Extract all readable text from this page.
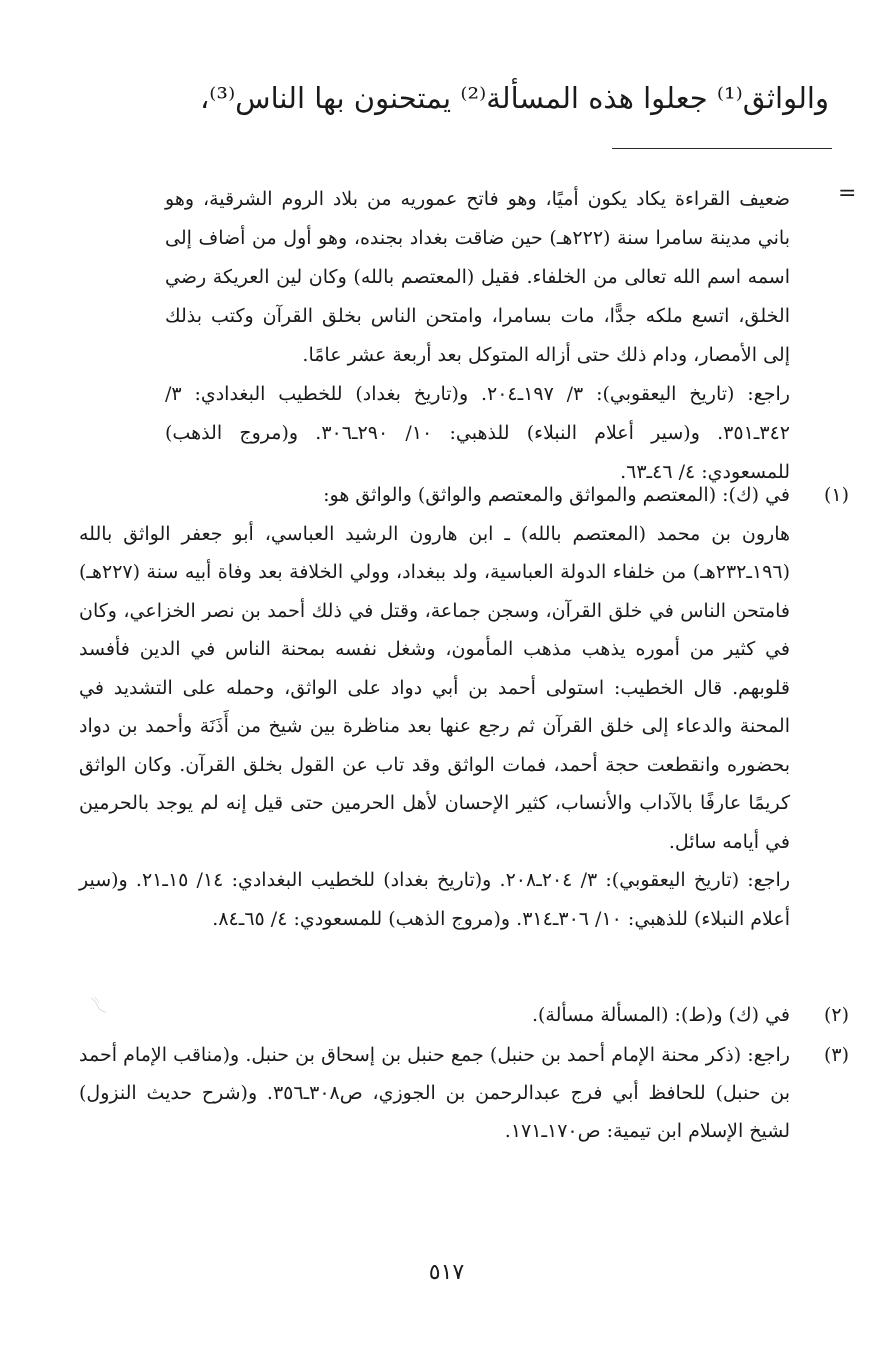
والواثق⁽¹⁾ جعلوا هذه المسألة⁽²⁾ يمتحنون بها الناس⁽³⁾،
=

ضعيف القراءة يكاد يكون أميًا، وهو فاتح عموريه من بلاد الروم الشرقية، وهو باني مدينة سامرا سنة (٢٢٢هـ) حين ضاقت بغداد بجنده، وهو أول من أضاف إلى اسمه اسم الله تعالى من الخلفاء. فقيل (المعتصم بالله) وكان لين العريكة رضي الخلق، اتسع ملكه جدًّا، مات بسامرا، وامتحن الناس بخلق القرآن وكتب بذلك إلى الأمصار، ودام ذلك حتى أزاله المتوكل بعد أربعة عشر عامًا.

راجع: (تاريخ اليعقوبي): ٣/ ١٩٧ـ٢٠٤. و(تاريخ بغداد) للخطيب البغدادي: ٣/ ٣٤٢ـ٣٥١. و(سير أعلام النبلاء) للذهبي: ١٠/ ٢٩٠ـ٣٠٦. و(مروج الذهب) للمسعودي: ٤/ ٤٦ـ٦٣.

(١)

في (ك): (المعتصم والمواثق والمعتصم والواثق) والواثق هو:

هارون بن محمد (المعتصم بالله) ـ ابن هارون الرشيد العباسي، أبو جعفر الواثق بالله (١٩٦ـ٢٣٢هـ) من خلفاء الدولة العباسية، ولد ببغداد، وولي الخلافة بعد وفاة أبيه سنة (٢٢٧هـ) فامتحن الناس في خلق القرآن، وسجن جماعة، وقتل في ذلك أحمد بن نصر الخزاعي، وكان في كثير من أموره يذهب مذهب المأمون، وشغل نفسه بمحنة الناس في الدين فأفسد قلوبهم. قال الخطيب: استولى أحمد بن أبي دواد على الواثق، وحمله على التشديد في المحنة والدعاء إلى خلق القرآن ثم رجع عنها بعد مناظرة بين شيخ من أَذَنَة وأحمد بن دواد بحضوره وانقطعت حجة أحمد، فمات الواثق وقد تاب عن القول بخلق القرآن. وكان الواثق كريمًا عارفًا بالآداب والأنساب، كثير الإحسان لأهل الحرمين حتى قيل إنه لم يوجد بالحرمين في أيامه سائل.

راجع: (تاريخ اليعقوبي): ٣/ ٢٠٤ـ٢٠٨. و(تاريخ بغداد) للخطيب البغدادي: ١٤/ ١٥ـ٢١. و(سير أعلام النبلاء) للذهبي: ١٠/ ٣٠٦ـ٣١٤. و(مروج الذهب) للمسعودي: ٤/ ٦٥ـ٨٤.

(٢)

في (ك) و(ط): (المسألة مسألة).

(٣)

راجع: (ذكر محنة الإمام أحمد بن حنبل) جمع حنبل بن إسحاق بن حنبل. و(مناقب الإمام أحمد بن حنبل) للحافظ أبي فرج عبدالرحمن بن الجوزي، ص٣٠٨ـ٣٥٦. و(شرح حديث النزول) لشيخ الإسلام ابن تيمية: ص١٧٠ـ١٧١.

٥١٧
